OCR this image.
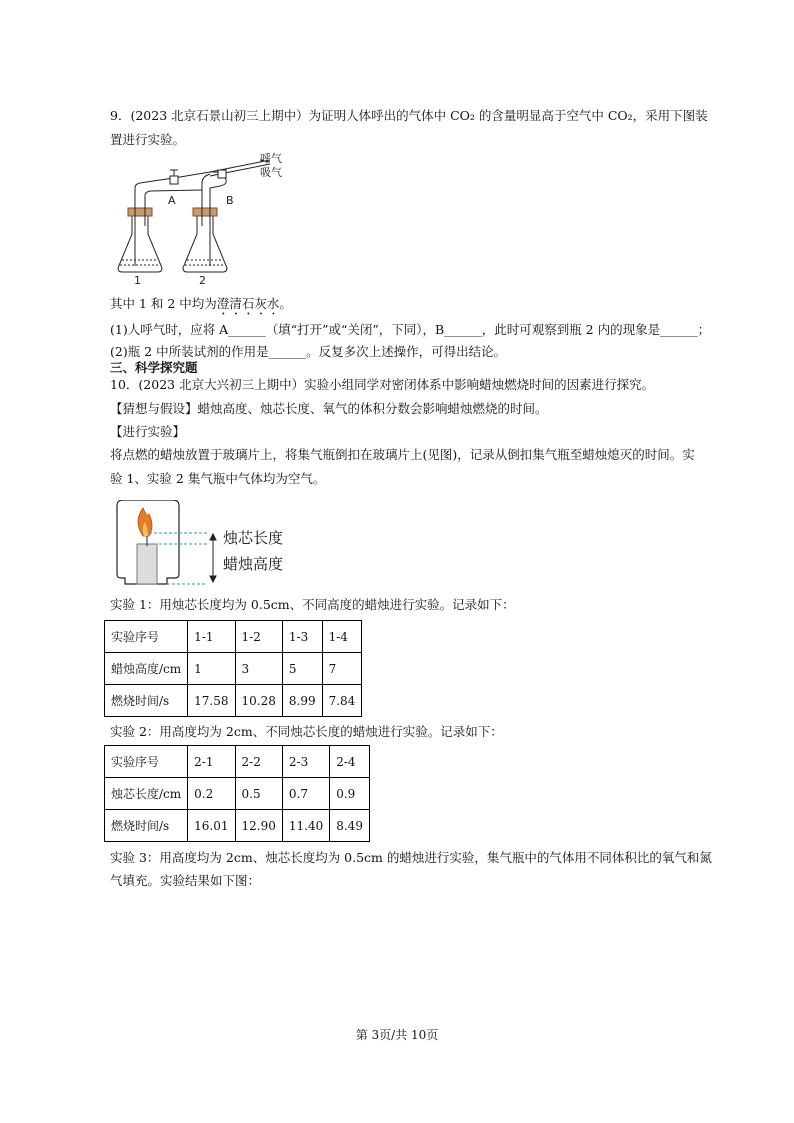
9．(2023 北京石景山初三上期中）为证明人体呼出的气体中 CO₂ 的含量明显高于空气中 CO₂，采用下图装
置进行实验。
呼气
吸气
A	B
1	2
其中 1 和 2 中均为澄清石灰水。
(1)人呼气时，应将 A______（填“打开”或“关闭”，下同），B______，此时可观察到瓶 2 内的现象是______；
(2)瓶 2 中所装试剂的作用是______。反复多次上述操作，可得出结论。
三、科学探究题
10．(2023 北京大兴初三上期中）实验小组同学对密闭体系中影响蜡烛燃烧时间的因素进行探究。
【猜想与假设】蜡烛高度、烛芯长度、氧气的体积分数会影响蜡烛燃烧的时间。
【进行实验】
将点燃的蜡烛放置于玻璃片上，将集气瓶倒扣在玻璃片上(见图)，记录从倒扣集气瓶至蜡烛熄灭的时间。实
验 1、实验 2 集气瓶中气体均为空气。
烛芯长度
蜡烛高度
实验 1：用烛芯长度均为 0.5cm、不同高度的蜡烛进行实验。记录如下：
实验序号	1-1	1-2	1-3	1-4
蜡烛高度/cm	1	3	5	7
燃烧时间/s	17.58	10.28	8.99	7.84
实验 2：用高度均为 2cm、不同烛芯长度的蜡烛进行实验。记录如下：
实验序号	2-1	2-2	2-3	2-4
烛芯长度/cm	0.2	0.5	0.7	0.9
燃烧时间/s	16.01	12.90	11.40	8.49
实验 3：用高度均为 2cm、烛芯长度均为 0.5cm 的蜡烛进行实验，集气瓶中的气体用不同体积比的氧气和氮
气填充。实验结果如下图：
第 3页/共 10页
